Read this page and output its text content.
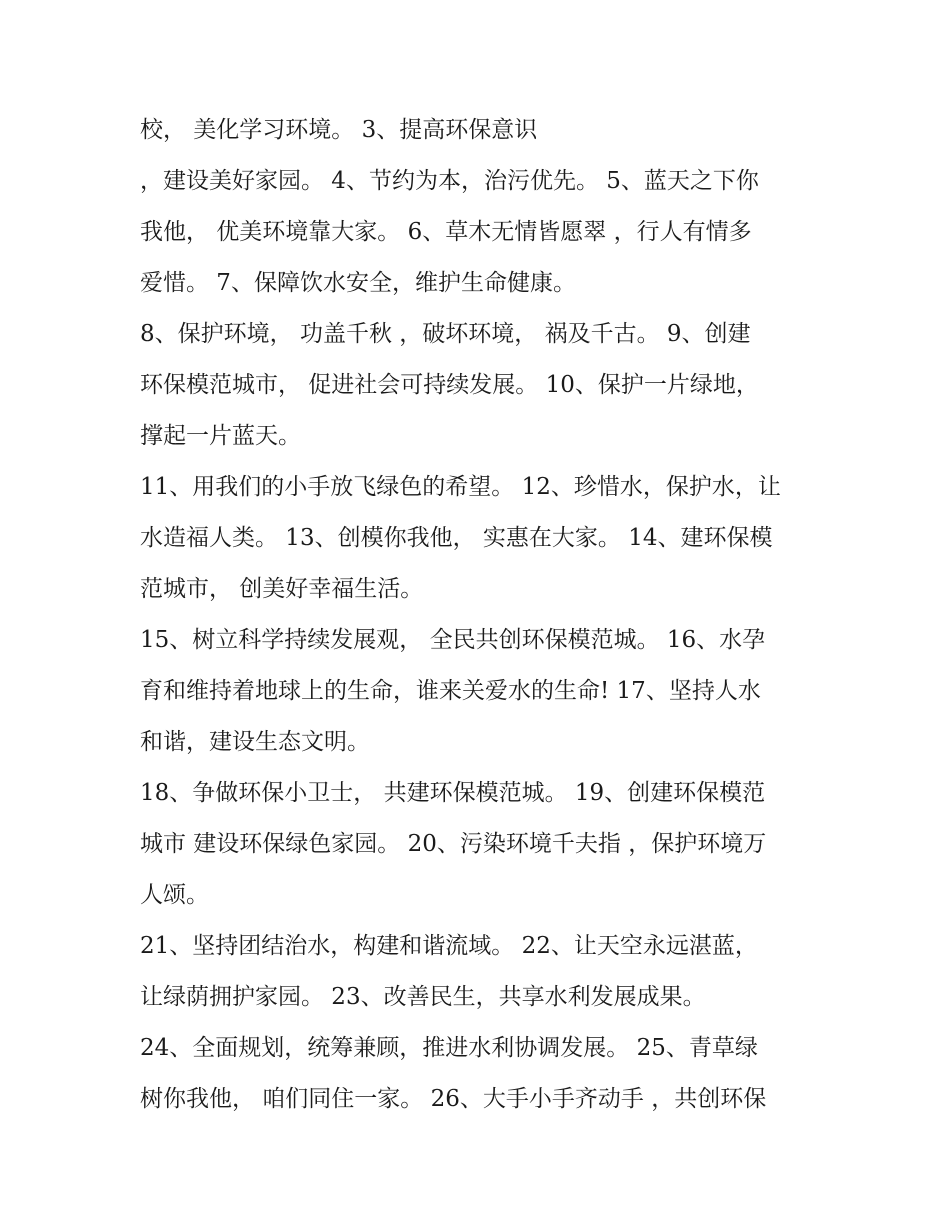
校， 美化学习环境。 3、提高环保意识
，建设美好家园。 4、节约为本，治污优先。 5、蓝天之下你
我他， 优美环境靠大家。 6、草木无情皆愿翠 ，行人有情多
爱惜。 7、保障饮水安全，维护生命健康。
8、保护环境， 功盖千秋 ，破坏环境， 祸及千古。 9、创建
环保模范城市， 促进社会可持续发展。 10、保护一片绿地，
撑起一片蓝天。
11、用我们的小手放飞绿色的希望。 12、珍惜水，保护水，让
水造福人类。 13、创模你我他， 实惠在大家。 14、建环保模
范城市， 创美好幸福生活。
15、树立科学持续发展观， 全民共创环保模范城。 16、水孕
育和维持着地球上的生命，谁来关爱水的生命! 17、坚持人水
和谐，建设生态文明。
18、争做环保小卫士， 共建环保模范城。 19、创建环保模范
城市 建设环保绿色家园。 20、污染环境千夫指 ，保护环境万
人颂。
21、坚持团结治水，构建和谐流域。 22、让天空永远湛蓝，
让绿荫拥护家园。 23、改善民生，共享水利发展成果。
24、全面规划，统筹兼顾，推进水利协调发展。 25、青草绿
树你我他， 咱们同住一家。 26、大手小手齐动手 ，共创环保
